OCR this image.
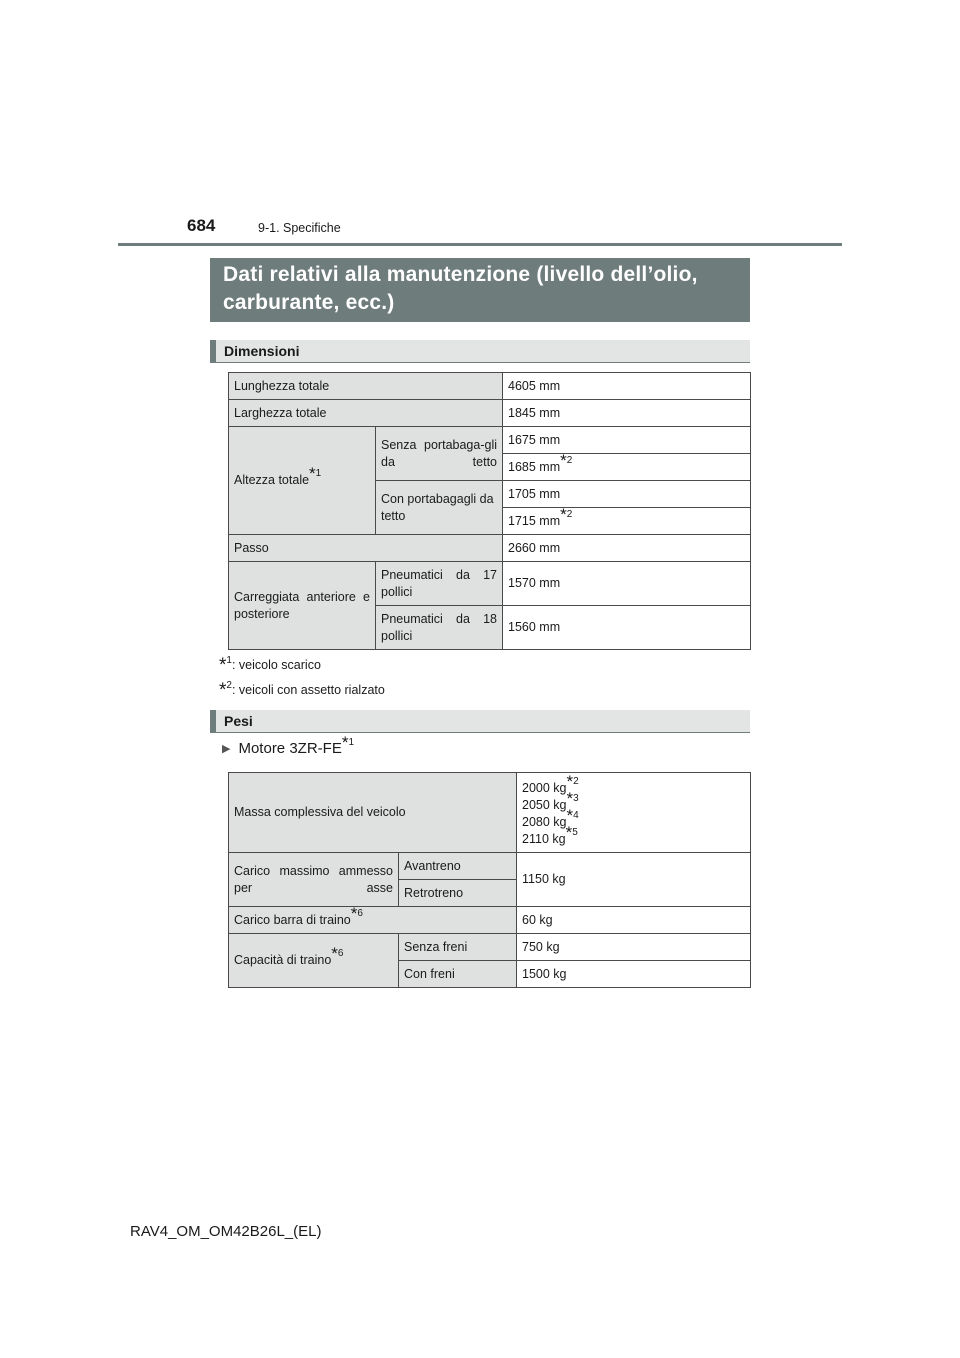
684	9-1. Specifiche
Dati relativi alla manutenzione (livello dell’olio,
carburante, ecc.)
Dimensioni
Lunghezza totale		4605 mm
Larghezza totale		1845 mm
Altezza totale$^{*1}$	Senza portabaga-gli da tetto	1675 mm
		1685 $mm^{*2}$
	Con portabagagli da tetto	1705 mm
		1715 $mm^{*2}$
Passo		2660 mm

Carreggiata anteriore e posteriore	Pneumatici da 17 pollici	1570 mm

	Pneumatici da 18 pollici	1560 mm
*$^1$: veicolo scarico
*$^2$: veicoli con assetto rialzato
Pesi
▶ Motore 3ZR-FE$^{*1}$
Massa complessiva del veicolo		2000 $kg^{*2}$
2050 $kg^{*3}$
2080 $kg^{*4}$
2110 $kg^{*5}$

Carico massimo ammesso per asse	Avantreno	1150 kg
	Retrotreno	
Carico barra di traino$^{*6}$		60 kg
Capacità di traino$^{*6}$	Senza freni	750 kg
	Con freni	1500 kg
RAV4_OM_OM42B26L_(EL)
